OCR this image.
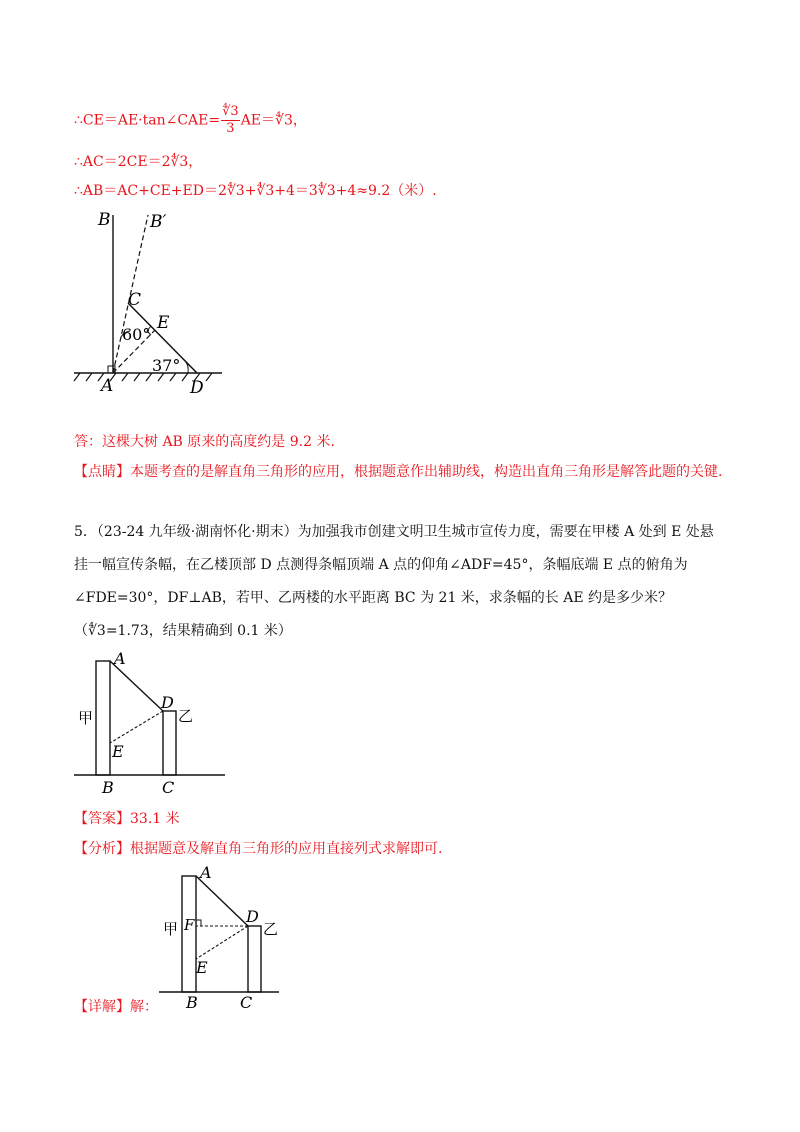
∴CE＝AE·tan∠CAE= $\frac{∜3}{3}$ AE＝∜3，
∴AC＝2CE＝2∜3，
∴AB＝AC+CE+ED＝2∜3+∜3+4＝3∜3+4≈9.2（米）.
B B′
C
E
60°
37°
A	D
答：这棵大树 AB 原来的高度约是 9.2 米.
【点睛】本题考查的是解直角三角形的应用，根据题意作出辅助线，构造出直角三角形是解答此题的关键.
5．（23-24 九年级·湖南怀化·期末）为加强我市创建文明卫生城市宣传力度，需要在甲楼 A 处到 E 处悬挂一幅宣传条幅，在乙楼顶部 D 点测得条幅顶端 A 点的仰角∠ADF=45°，条幅底端 E 点的俯角为∠FDE=30°，DF⊥AB，若甲、乙两楼的水平距离 BC 为 21 米，求条幅的长 AE 约是多少米？（∜3=1.73，结果精确到 0.1 米）
A
D
乙
甲
E
B	C
【答案】33.1 米
【分析】根据题意及解直角三角形的应用直接列式求解即可.
A
D
乙
甲 F
E
B	C
【详解】解：
